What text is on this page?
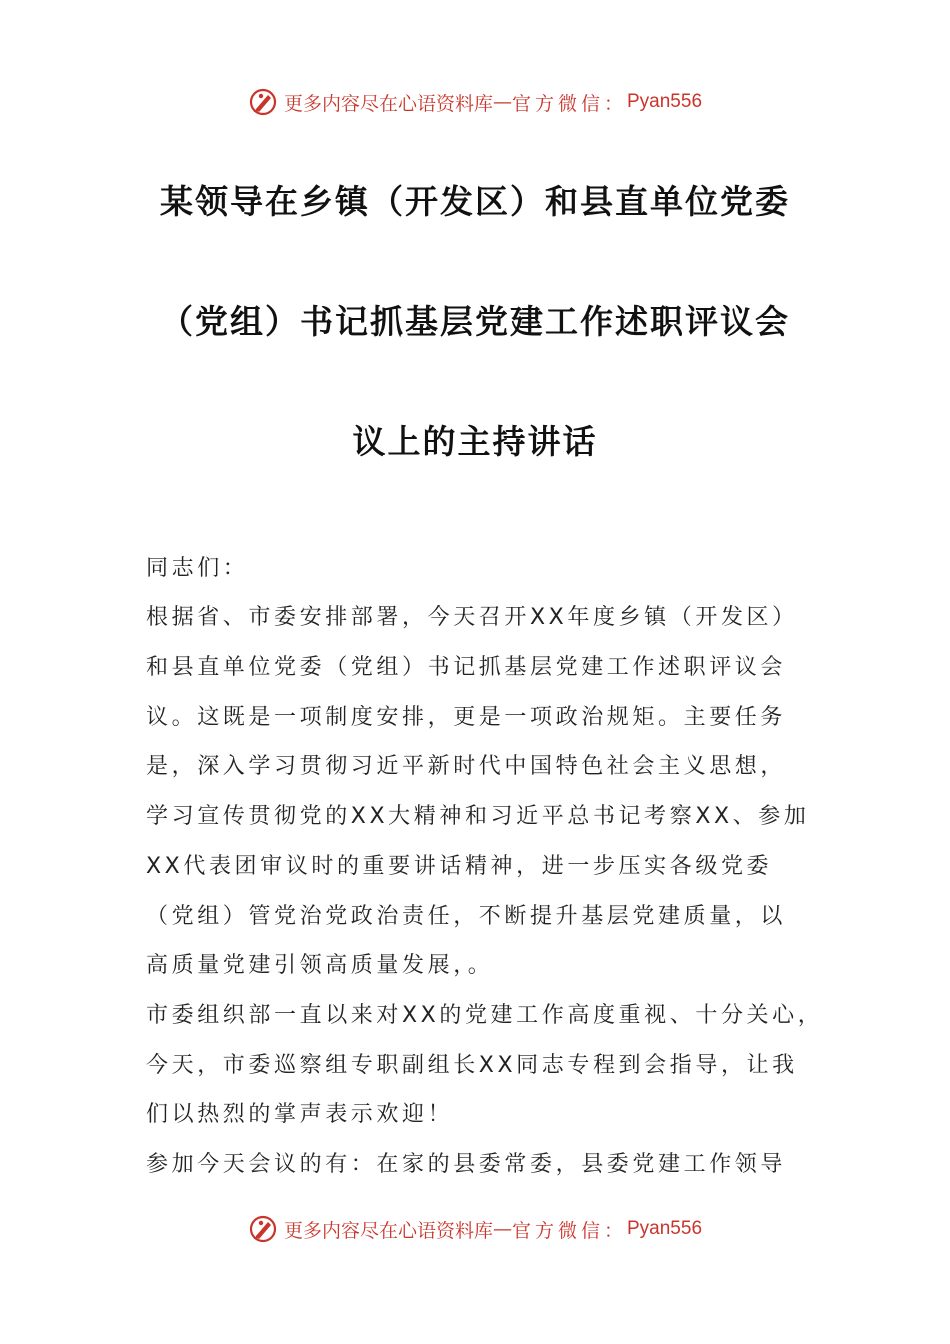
更多内容尽在心语资料库 — 官方微信： Pyan556
某领导在乡镇（开发区）和县直单位党委
（党组）书记抓基层党建工作述职评议会
议上的主持讲话
同志们：
根据省、市委安排部署，今天召开XX年度乡镇（开发区）
和县直单位党委（党组）书记抓基层党建工作述职评议会
议。这既是一项制度安排，更是一项政治规矩。主要任务
是，深入学习贯彻习近平新时代中国特色社会主义思想，
学习宣传贯彻党的XX大精神和习近平总书记考察XX、参加
XX代表团审议时的重要讲话精神，进一步压实各级党委
（党组）管党治党政治责任，不断提升基层党建质量，以
高质量党建引领高质量发展，。
市委组织部一直以来对XX的党建工作高度重视、十分关心，
今天，市委巡察组专职副组长XX同志专程到会指导，让我
们以热烈的掌声表示欢迎！
参加今天会议的有：在家的县委常委，县委党建工作领导
更多内容尽在心语资料库 — 官方微信： Pyan556
